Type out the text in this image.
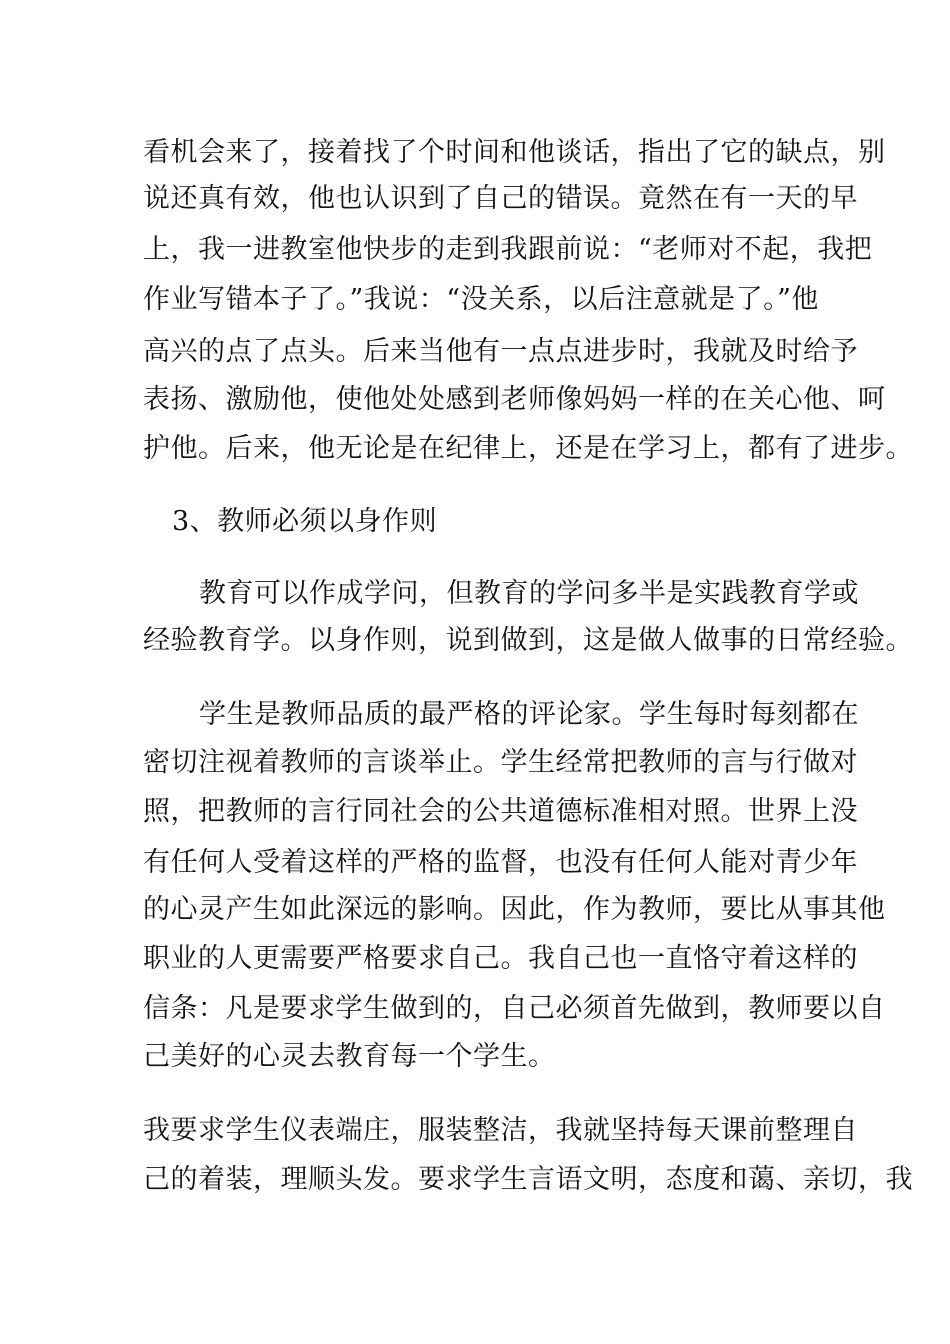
看机会来了，接着找了个时间和他谈话，指出了它的缺点，别
说还真有效，他也认识到了自己的错误。竟然在有一天的早
上，我一进教室他快步的走到我跟前说：“老师对不起，我把
作业写错本子了。”我说：“没关系，以后注意就是了。”他
高兴的点了点头。后来当他有一点点进步时，我就及时给予
表扬、激励他，使他处处感到老师像妈妈一样的在关心他、呵
护他。后来，他无论是在纪律上，还是在学习上，都有了进步。
3、教师必须以身作则
教育可以作成学问，但教育的学问多半是实践教育学或
经验教育学。以身作则，说到做到，这是做人做事的日常经验。
学生是教师品质的最严格的评论家。学生每时每刻都在
密切注视着教师的言谈举止。学生经常把教师的言与行做对
照，把教师的言行同社会的公共道德标准相对照。世界上没
有任何人受着这样的严格的监督，也没有任何人能对青少年
的心灵产生如此深远的影响。因此，作为教师，要比从事其他
职业的人更需要严格要求自己。我自己也一直恪守着这样的
信条：凡是要求学生做到的，自己必须首先做到，教师要以自
己美好的心灵去教育每一个学生。
我要求学生仪表端庄，服装整洁，我就坚持每天课前整理自
己的着装，理顺头发。要求学生言语文明，态度和蔼、亲切，我
